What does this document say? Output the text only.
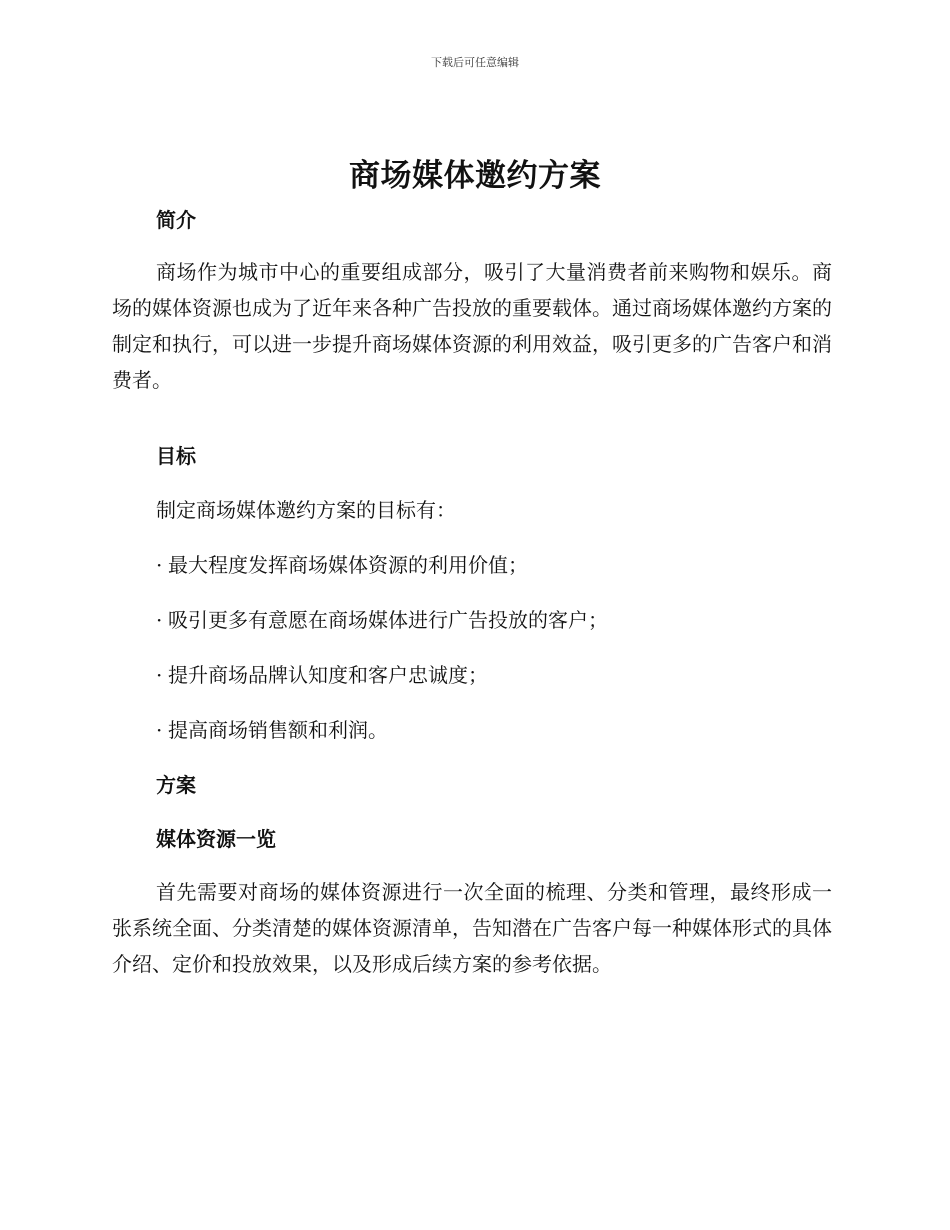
下载后可任意编辑
商场媒体邀约方案
简介

商场作为城市中心的重要组成部分，吸引了大量消费者前来购物和娱乐。商场的媒体资源也成为了近年来各种广告投放的重要载体。通过商场媒体邀约方案的制定和执行，可以进一步提升商场媒体资源的利用效益，吸引更多的广告客户和消费者。

目标

制定商场媒体邀约方案的目标有：

· 最大程度发挥商场媒体资源的利用价值；

· 吸引更多有意愿在商场媒体进行广告投放的客户；

· 提升商场品牌认知度和客户忠诚度；

· 提高商场销售额和利润。

方案
媒体资源一览

首先需要对商场的媒体资源进行一次全面的梳理、分类和管理，最终形成一张系统全面、分类清楚的媒体资源清单，告知潜在广告客户每一种媒体形式的具体介绍、定价和投放效果，以及形成后续方案的参考依据。
